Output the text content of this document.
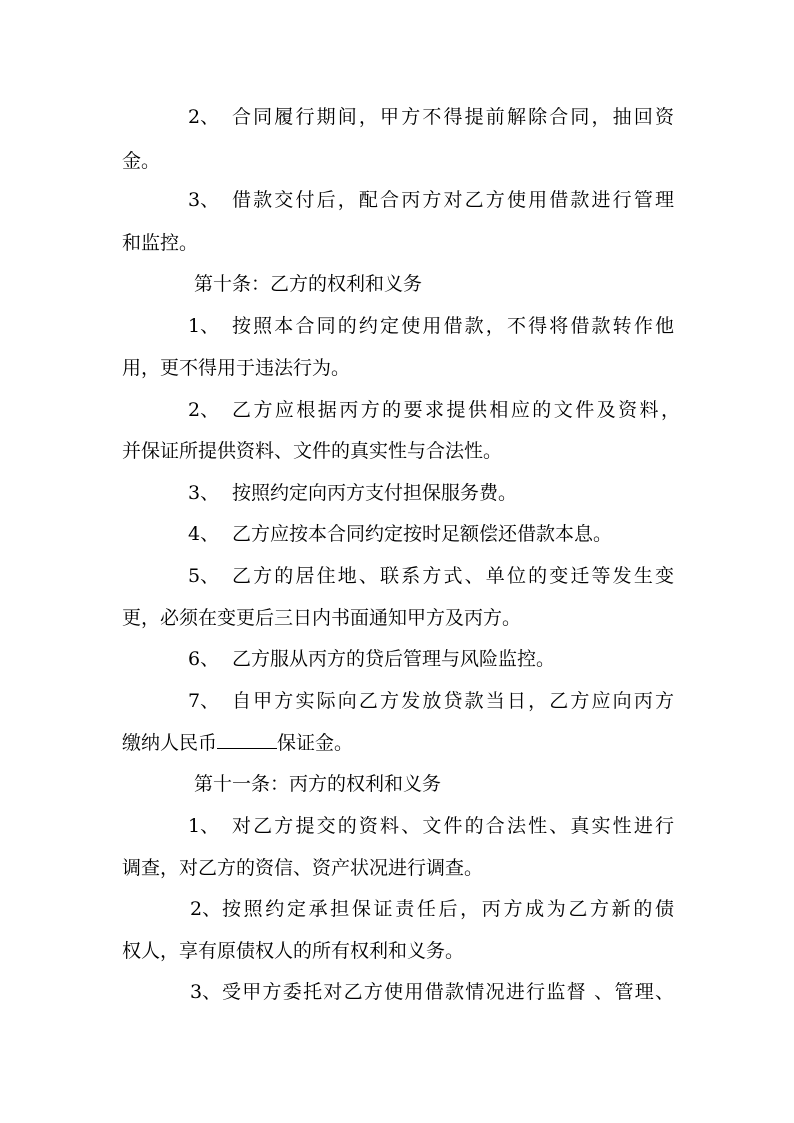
2、 合同履行期间，甲方不得提前解除合同，抽回资
金。
3、 借款交付后，配合丙方对乙方使用借款进行管理
和监控。
第十条：乙方的权利和义务
1、 按照本合同的约定使用借款，不得将借款转作他
用，更不得用于违法行为。
2、 乙方应根据丙方的要求提供相应的文件及资料，
并保证所提供资料、文件的真实性与合法性。
3、 按照约定向丙方支付担保服务费。
4、 乙方应按本合同约定按时足额偿还借款本息。
5、 乙方的居住地、联系方式、单位的变迁等发生变
更，必须在变更后三日内书面通知甲方及丙方。
6、 乙方服从丙方的贷后管理与风险监控。
7、 自甲方实际向乙方发放贷款当日，乙方应向丙方
缴纳人民币	保证金。
第十一条：丙方的权利和义务
1、 对乙方提交的资料、文件的合法性、真实性进行
调查，对乙方的资信、资产状况进行调查。
2、 按照约定承担保证责任后，丙方成为乙方新的债
权人，享有原债权人的所有权利和义务。
3、 受甲方委托对乙方使用借款情况进行监督 、管理、
